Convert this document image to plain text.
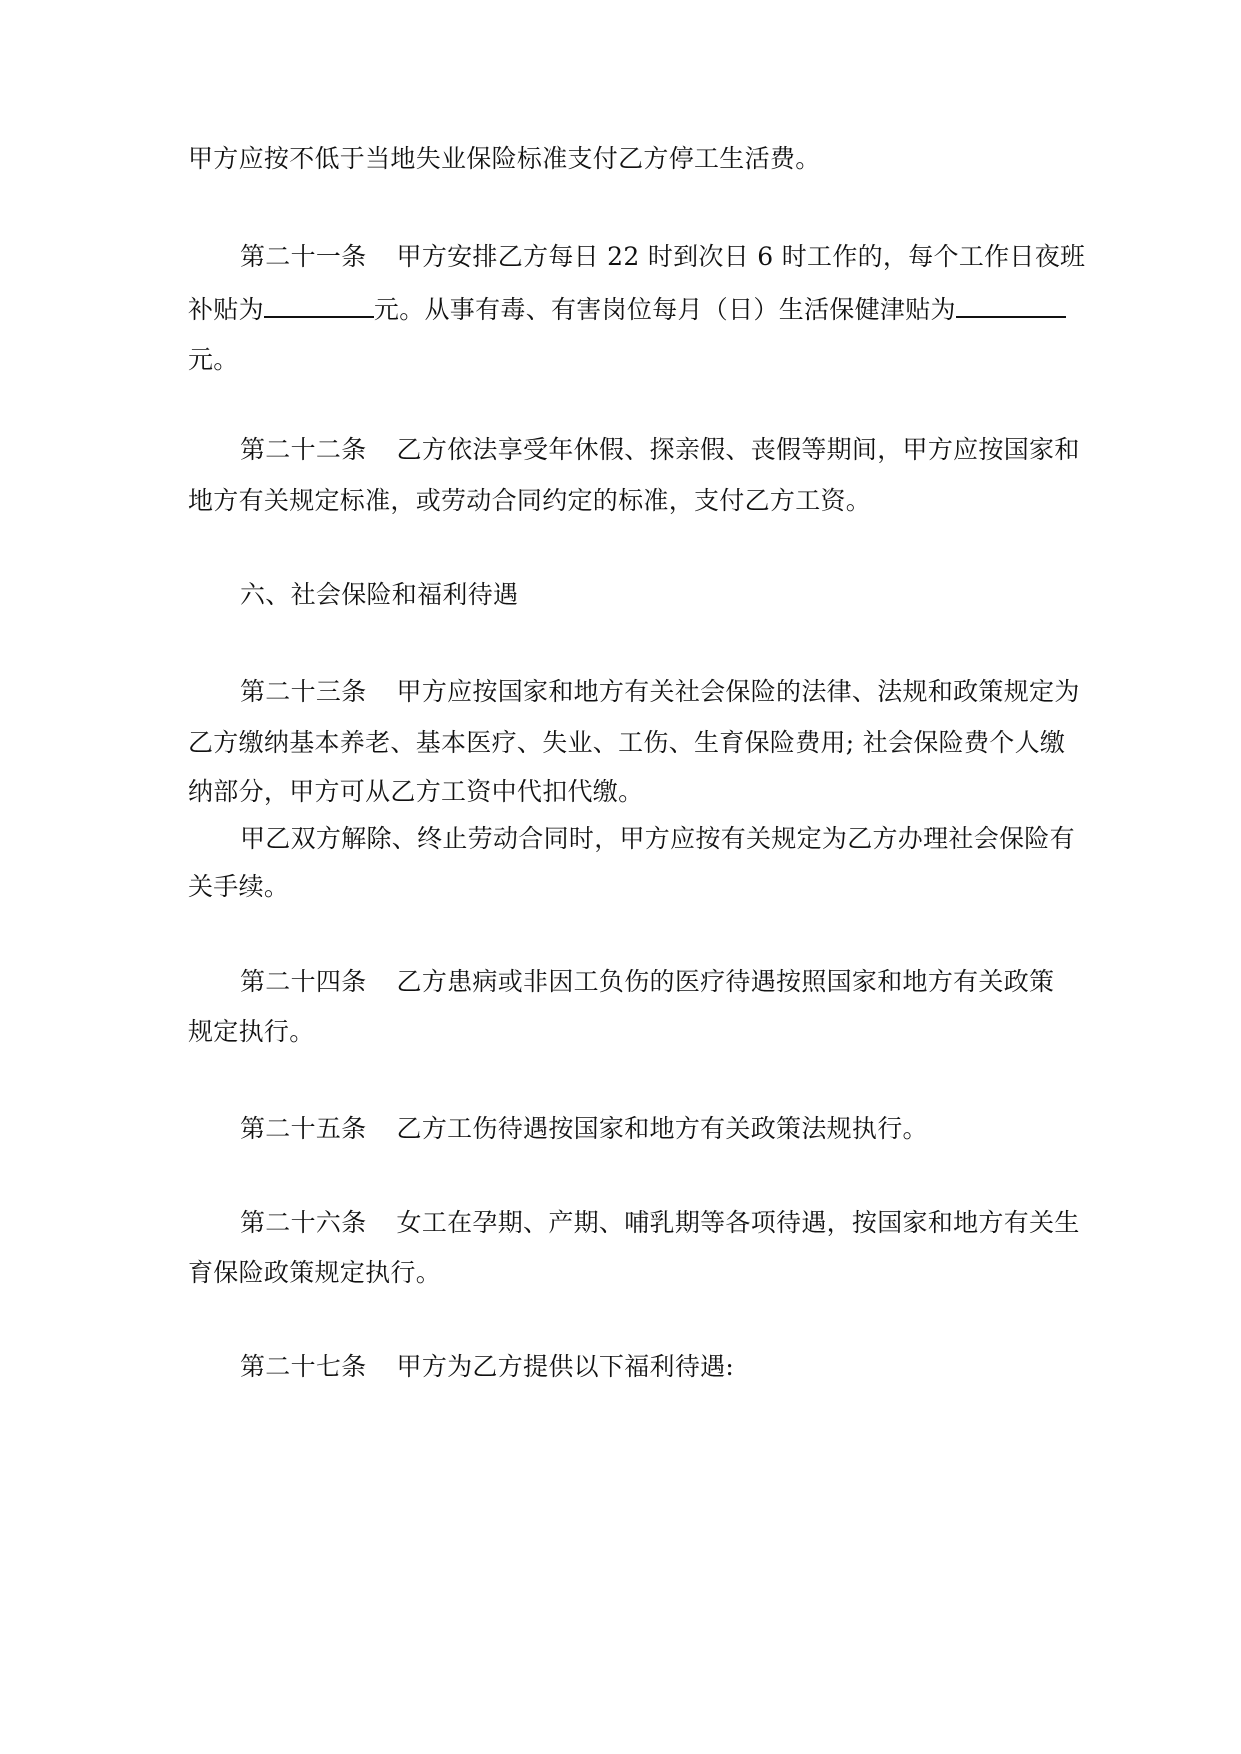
甲方应按不低于当地失业保险标准支付乙方停工生活费。
第二十一条 甲方安排乙方每日 22 时到次日 6 时工作的，每个工作日夜班
补贴为	元。从事有毒、有害岗位每月（日）生活保健津贴为
元。
第二十二条 乙方依法享受年休假、探亲假、丧假等期间，甲方应按国家和
地方有关规定标准，或劳动合同约定的标准，支付乙方工资。
六、社会保险和福利待遇
第二十三条 甲方应按国家和地方有关社会保险的法律、法规和政策规定为
乙方缴纳基本养老、基本医疗、失业、工伤、生育保险费用; 社会保险费个人缴
纳部分，甲方可从乙方工资中代扣代缴。
甲乙双方解除、终止劳动合同时，甲方应按有关规定为乙方办理社会保险有
关手续。
第二十四条 乙方患病或非因工负伤的医疗待遇按照国家和地方有关政策
规定执行。
第二十五条 乙方工伤待遇按国家和地方有关政策法规执行。
第二十六条 女工在孕期、产期、哺乳期等各项待遇，按国家和地方有关生
育保险政策规定执行。
第二十七条 甲方为乙方提供以下福利待遇:
